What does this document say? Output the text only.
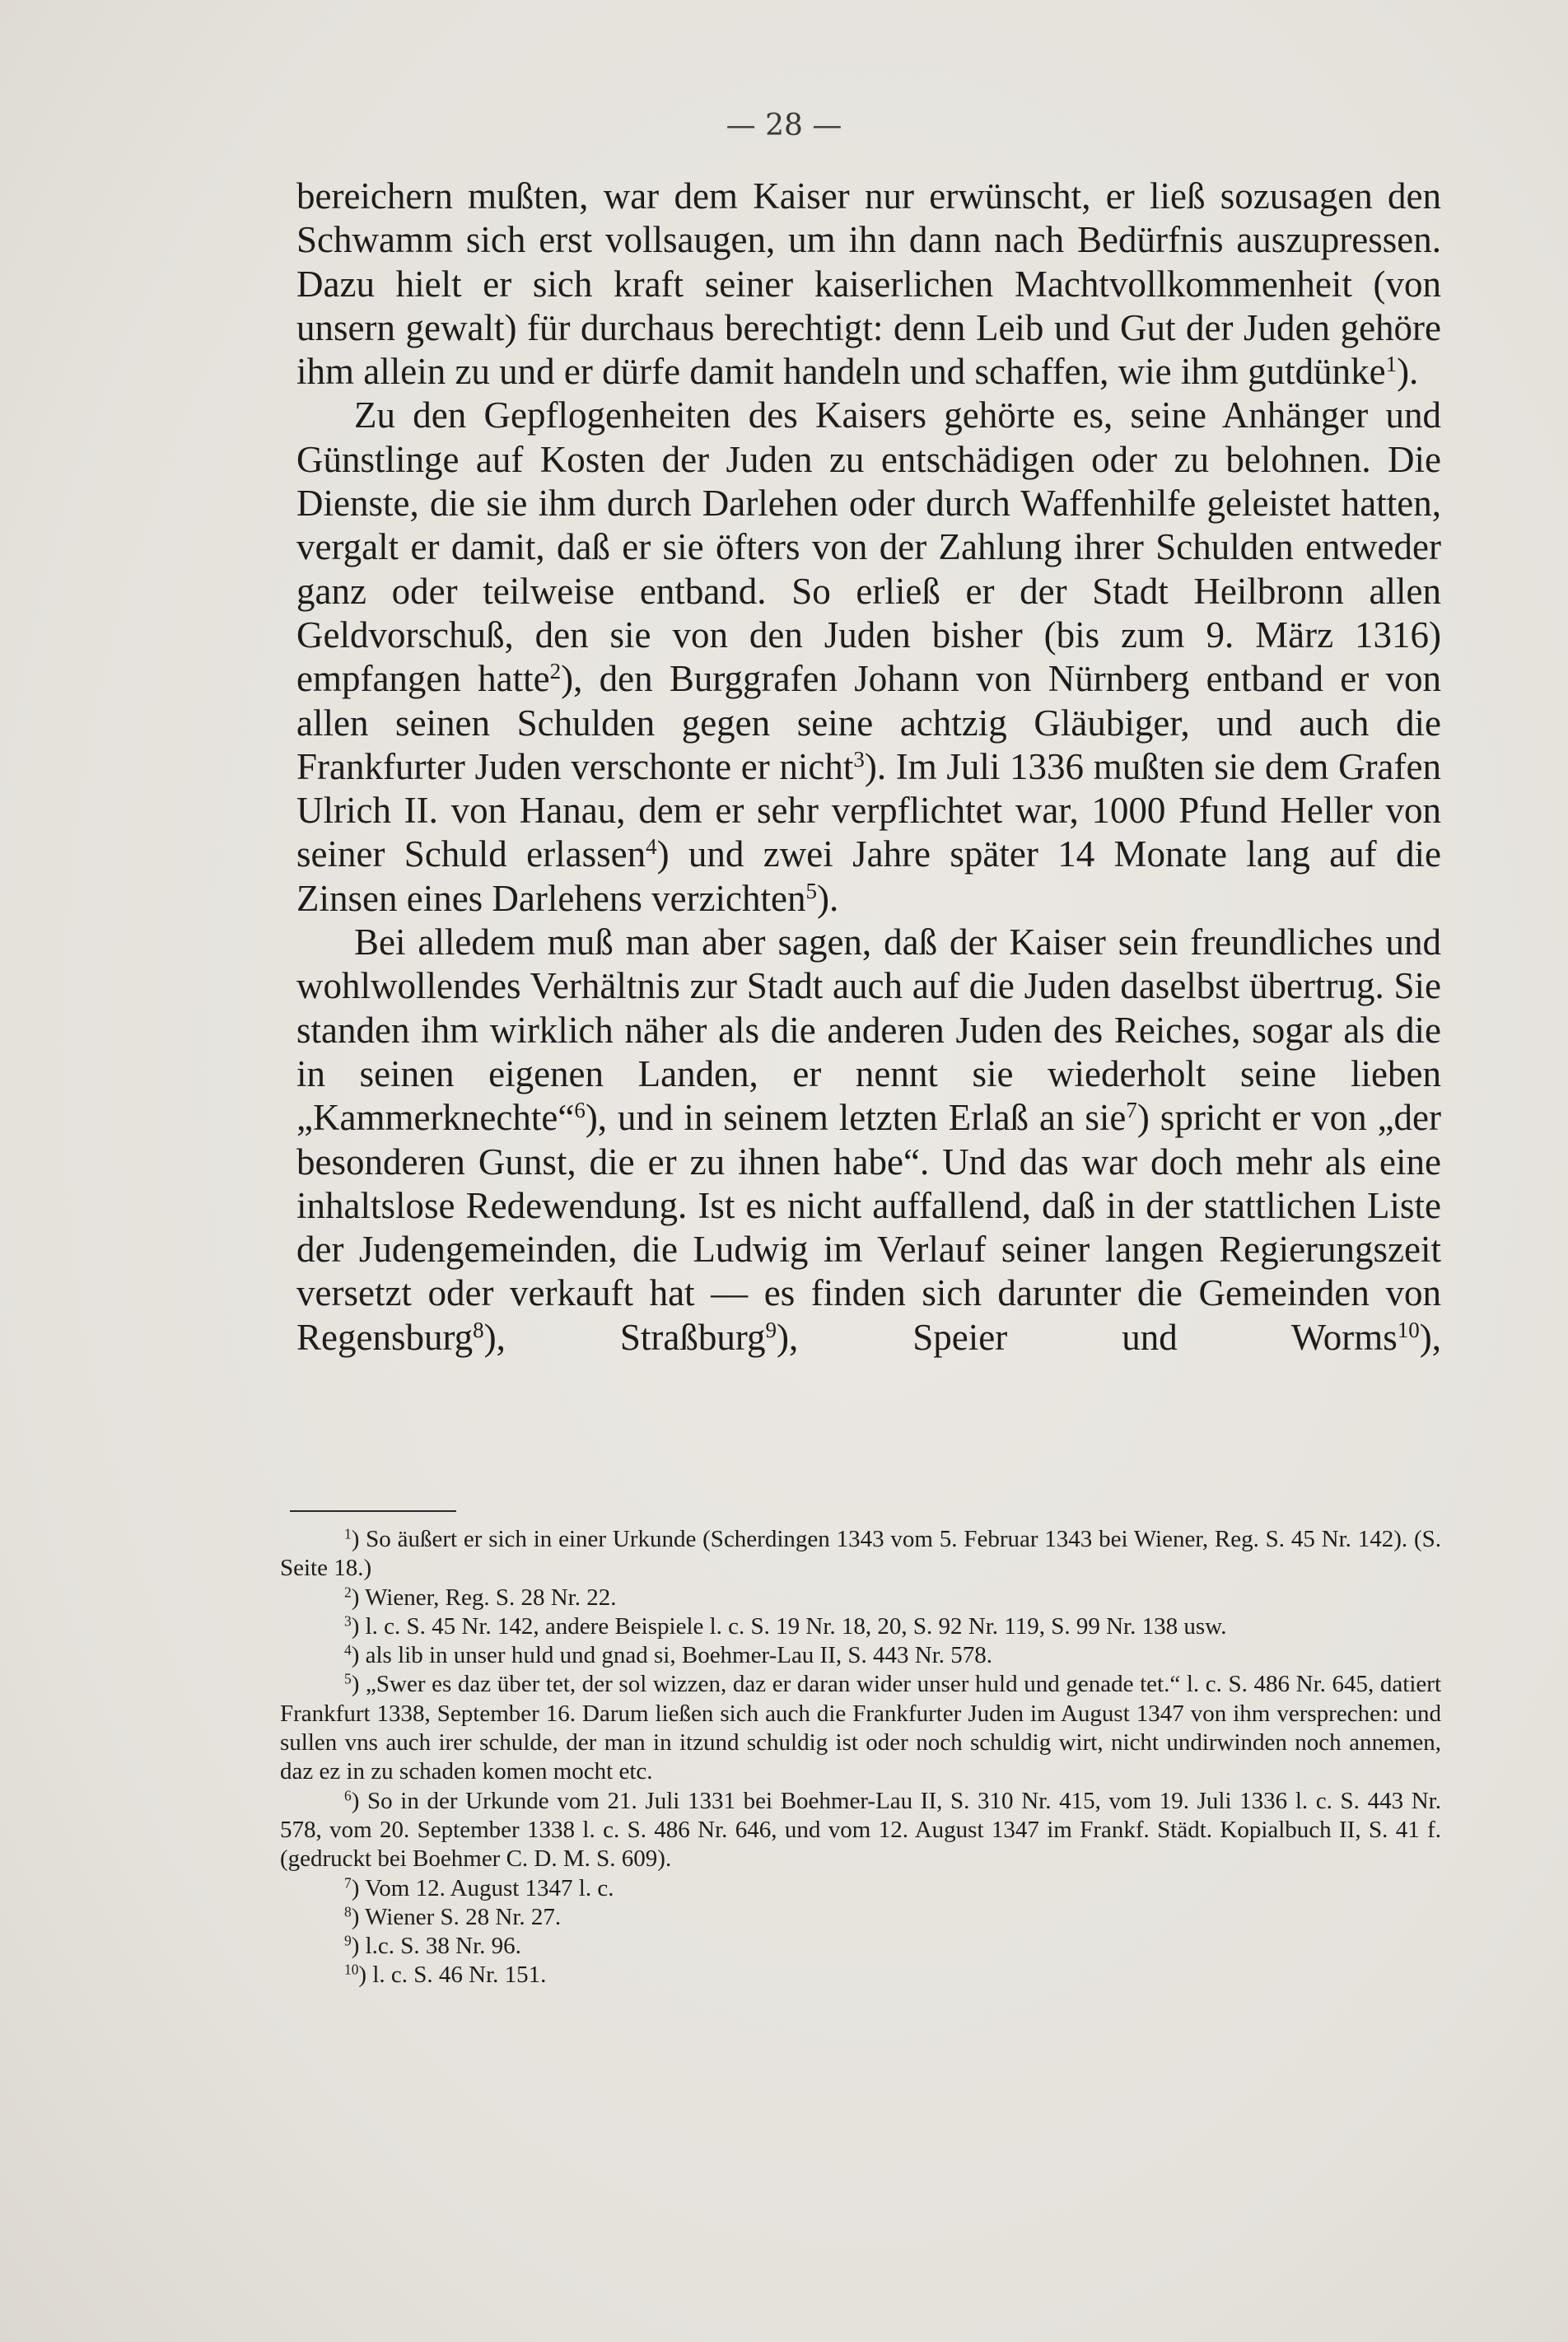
— 28 —

bereichern mußten, war dem Kaiser nur erwünscht, er ließ sozusagen den Schwamm sich erst vollsaugen, um ihn dann nach Bedürfnis auszupressen. Dazu hielt er sich kraft seiner kaiserlichen Machtvollkommenheit (von unsern gewalt) für durchaus berechtigt: denn Leib und Gut der Juden gehöre ihm allein zu und er dürfe damit handeln und schaffen, wie ihm gutdünke$^1$).

Zu den Gepflogenheiten des Kaisers gehörte es, seine Anhänger und Günstlinge auf Kosten der Juden zu entschädigen oder zu belohnen. Die Dienste, die sie ihm durch Darlehen oder durch Waffenhilfe geleistet hatten, vergalt er damit, daß er sie öfters von der Zahlung ihrer Schulden entweder ganz oder teilweise entband. So erließ er der Stadt Heilbronn allen Geldvorschuß, den sie von den Juden bisher (bis zum 9. März 1316) empfangen hatte$^2$), den Burggrafen Johann von Nürnberg entband er von allen seinen Schulden gegen seine achtzig Gläubiger, und auch die Frankfurter Juden verschonte er nicht$^3$). Im Juli 1336 mußten sie dem Grafen Ulrich II. von Hanau, dem er sehr verpflichtet war, 1000 Pfund Heller von seiner Schuld erlassen$^4$) und zwei Jahre später 14 Monate lang auf die Zinsen eines Darlehens verzichten$^5$).

Bei alledem muß man aber sagen, daß der Kaiser sein freundliches und wohlwollendes Verhältnis zur Stadt auch auf die Juden daselbst übertrug. Sie standen ihm wirklich näher als die anderen Juden des Reiches, sogar als die in seinen eigenen Landen, er nennt sie wiederholt seine lieben „Kammerknechte“$^6$), und in seinem letzten Erlaß an sie$^7$) spricht er von „der besonderen Gunst, die er zu ihnen habe“. Und das war doch mehr als eine inhaltslose Redewendung. Ist es nicht auffallend, daß in der stattlichen Liste der Judengemeinden, die Ludwig im Verlauf seiner langen Regierungszeit versetzt oder verkauft hat — es finden sich darunter die Gemeinden von Regensburg$^8$), Straßburg$^9$), Speier und Worms$^{10}$),

$^1$) So äußert er sich in einer Urkunde (Scherdingen 1343 vom 5. Februar 1343 bei Wiener, Reg. S. 45 Nr. 142). (S. Seite 18.)

$^2$) Wiener, Reg. S. 28 Nr. 22.

$^3$) l. c. S. 45 Nr. 142, andere Beispiele l. c. S. 19 Nr. 18, 20, S. 92 Nr. 119, S. 99 Nr. 138 usw.

$^4$) als lib in unser huld und gnad si, Boehmer-Lau II, S. 443 Nr. 578.

$^5$) „Swer es daz über tet, der sol wizzen, daz er daran wider unser huld und genade tet.“ l. c. S. 486 Nr. 645, datiert Frankfurt 1338, September 16. Darum ließen sich auch die Frankfurter Juden im August 1347 von ihm versprechen: und sullen vns auch irer schulde, der man in itzund schuldig ist oder noch schuldig wirt, nicht undirwinden noch annemen, daz ez in zu schaden komen mocht etc.

$^6$) So in der Urkunde vom 21. Juli 1331 bei Boehmer-Lau II, S. 310 Nr. 415, vom 19. Juli 1336 l. c. S. 443 Nr. 578, vom 20. September 1338 l. c. S. 486 Nr. 646, und vom 12. August 1347 im Frankf. Städt. Kopialbuch II, S. 41 f. (gedruckt bei Boehmer C. D. M. S. 609).

$^7$) Vom 12. August 1347 l. c.

$^8$) Wiener S. 28 Nr. 27.

$^9$) l.c. S. 38 Nr. 96.

$^{10}$) l. c. S. 46 Nr. 151.
